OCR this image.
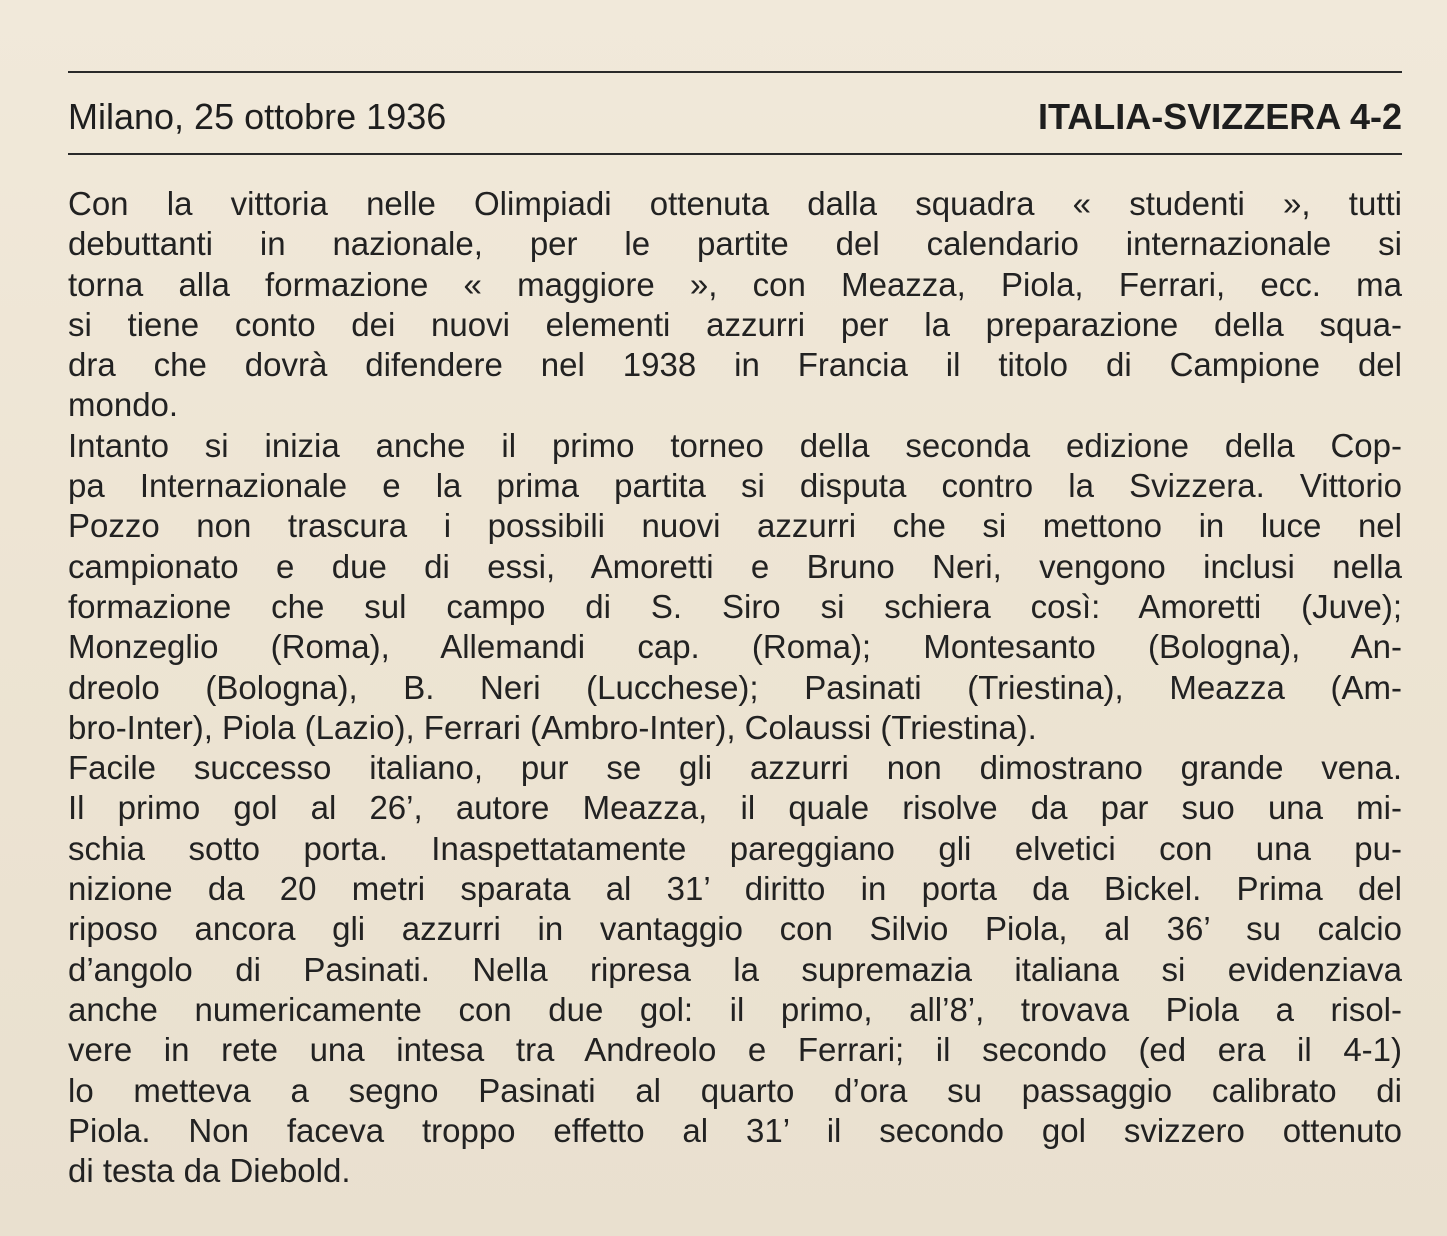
Milano, 25 ottobre 1936	ITALIA-SVIZZERA 4-2
Con la vittoria nelle Olimpiadi ottenuta dalla squadra « studenti », tutti
debuttanti in nazionale, per le partite del calendario internazionale si
torna alla formazione « maggiore », con Meazza, Piola, Ferrari, ecc. ma
si tiene conto dei nuovi elementi azzurri per la preparazione della squa-
dra che dovrà difendere nel 1938 in Francia il titolo di Campione del
mondo.
Intanto si inizia anche il primo torneo della seconda edizione della Cop-
pa Internazionale e la prima partita si disputa contro la Svizzera. Vittorio
Pozzo non trascura i possibili nuovi azzurri che si mettono in luce nel
campionato e due di essi, Amoretti e Bruno Neri, vengono inclusi nella
formazione che sul campo di S. Siro si schiera così: Amoretti (Juve);
Monzeglio (Roma), Allemandi cap. (Roma); Montesanto (Bologna), An-
dreolo (Bologna), B. Neri (Lucchese); Pasinati (Triestina), Meazza (Am-
bro-Inter), Piola (Lazio), Ferrari (Ambro-Inter), Colaussi (Triestina).
Facile successo italiano, pur se gli azzurri non dimostrano grande vena.
Il primo gol al 26’, autore Meazza, il quale risolve da par suo una mi-
schia sotto porta. Inaspettatamente pareggiano gli elvetici con una pu-
nizione da 20 metri sparata al 31’ diritto in porta da Bickel. Prima del
riposo ancora gli azzurri in vantaggio con Silvio Piola, al 36’ su calcio
d’angolo di Pasinati. Nella ripresa la supremazia italiana si evidenziava
anche numericamente con due gol: il primo, all’8’, trovava Piola a risol-
vere in rete una intesa tra Andreolo e Ferrari; il secondo (ed era il 4-1)
lo metteva a segno Pasinati al quarto d’ora su passaggio calibrato di
Piola. Non faceva troppo effetto al 31’ il secondo gol svizzero ottenuto
di testa da Diebold.
